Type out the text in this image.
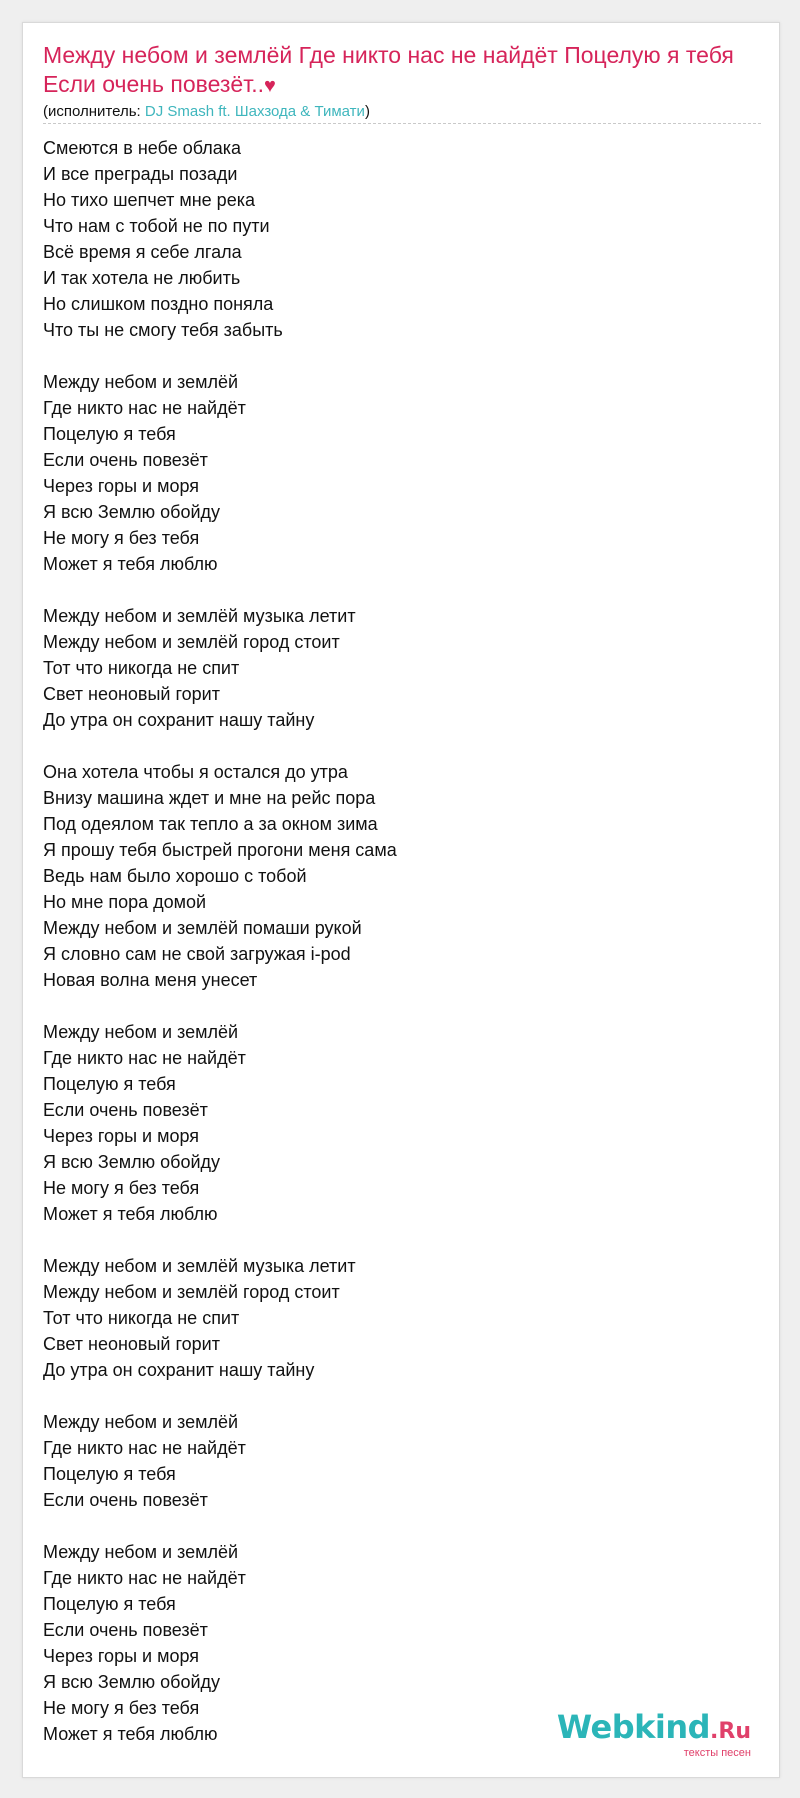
Между небом и землёй Где никто нас не найдёт Поцелую я тебя Если очень повезёт..♥
(исполнитель: DJ Smash ft. Шахзода & Тимати)
Смеются в небе облака
И все преграды позади
Но тихо шепчет мне река
Что нам с тобой не по пути
Всё время я себе лгала
И так хотела не любить
Но слишком поздно поняла
Что ты не смогу тебя забыть
Между небом и землёй
Где никто нас не найдёт
Поцелую я тебя
Если очень повезёт
Через горы и моря
Я всю Землю обойду
Не могу я без тебя
Может я тебя люблю
Между небом и землёй музыка летит
Между небом и землёй город стоит
Тот что никогда не спит
Свет неоновый горит
До утра он сохранит нашу тайну
Она хотела чтобы я остался до утра
Внизу машина ждет и мне на рейс пора
Под одеялом так тепло а за окном зима
Я прошу тебя быстрей прогони меня сама
Ведь нам было хорошо с тобой
Но мне пора домой
Между небом и землёй помаши рукой
Я словно сам не свой загружая i-pod
Новая волна меня унесет
Между небом и землёй
Где никто нас не найдёт
Поцелую я тебя
Если очень повезёт
Через горы и моря
Я всю Землю обойду
Не могу я без тебя
Может я тебя люблю
Между небом и землёй музыка летит
Между небом и землёй город стоит
Тот что никогда не спит
Свет неоновый горит
До утра он сохранит нашу тайну
Между небом и землёй
Где никто нас не найдёт
Поцелую я тебя
Если очень повезёт
Между небом и землёй
Где никто нас не найдёт
Поцелую я тебя
Если очень повезёт
Через горы и моря
Я всю Землю обойду
Не могу я без тебя
Может я тебя люблю	Webkind.Ru
тексты песен
